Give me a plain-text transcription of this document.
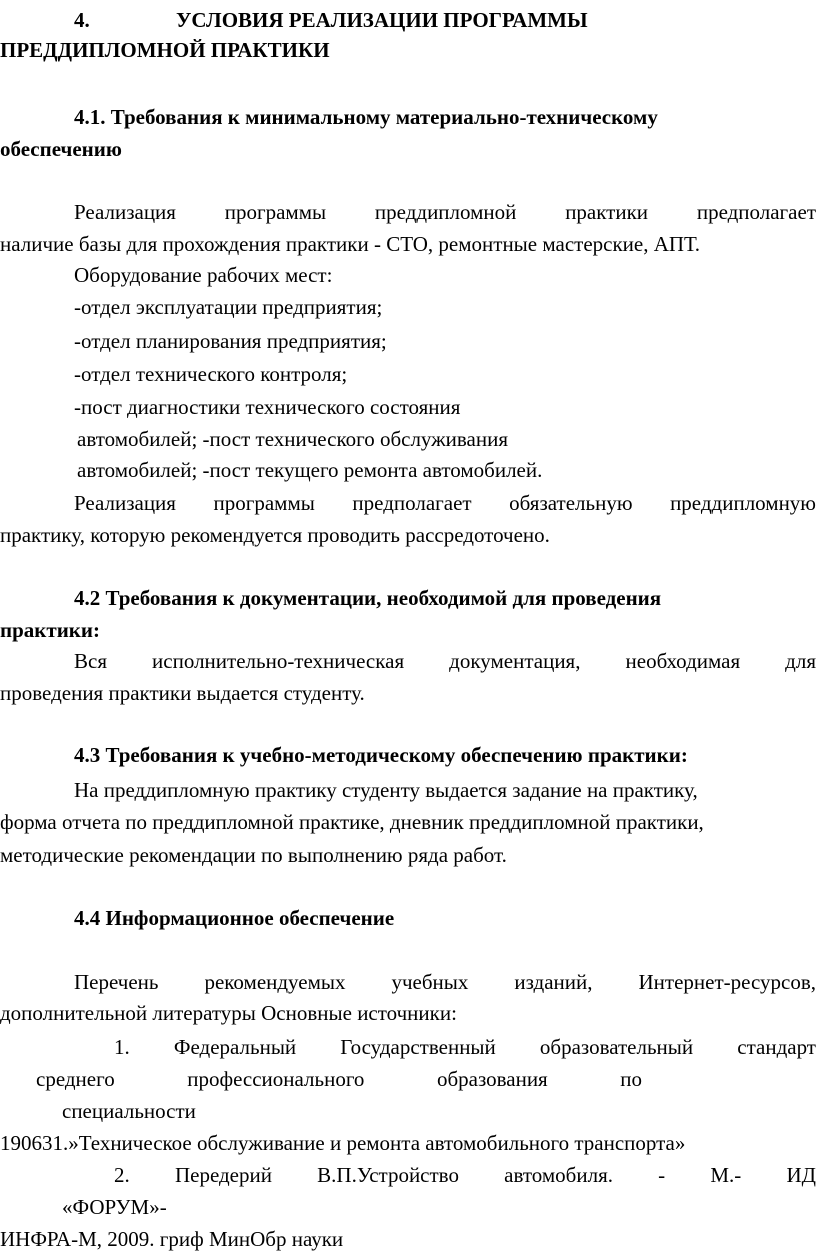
4.	УСЛОВИЯ РЕАЛИЗАЦИИ ПРОГРАММЫ
ПРЕДДИПЛОМНОЙ ПРАКТИКИ
4.1. Требования к минимальному материально-техническому
обеспечению
Реализация программы преддипломной практики предполагает
наличие базы для прохождения практики - СТО, ремонтные мастерские, АПТ.
Оборудование рабочих мест:
-отдел эксплуатации предприятия;
-отдел планирования предприятия;
-отдел технического контроля;
-пост диагностики технического состояния
автомобилей; -пост технического обслуживания
автомобилей; -пост текущего ремонта автомобилей.
Реализация программы предполагает обязательную преддипломную
практику, которую рекомендуется проводить рассредоточено.
4.2 Требования к документации, необходимой для проведения
практики:
Вся исполнительно-техническая документация, необходимая для
проведения практики выдается студенту.
4.3 Требования к учебно-методическому обеспечению практики:
На преддипломную практику студенту выдается задание на практику,
форма отчета по преддипломной практике, дневник преддипломной практики,
методические рекомендации по выполнению ряда работ.
4.4 Информационное обеспечение
Перечень рекомендуемых учебных изданий, Интернет-ресурсов,
дополнительной литературы Основные источники:
1. Федеральный Государственный образовательный стандарт
среднего профессионального образования по
специальности
190631.»Техническое обслуживание и ремонта автомобильного транспорта»
2. Передерий В.П.Устройство автомобиля. - М.- ИД
«ФОРУМ»-
ИНФРА-М, 2009. гриф МинОбр науки
